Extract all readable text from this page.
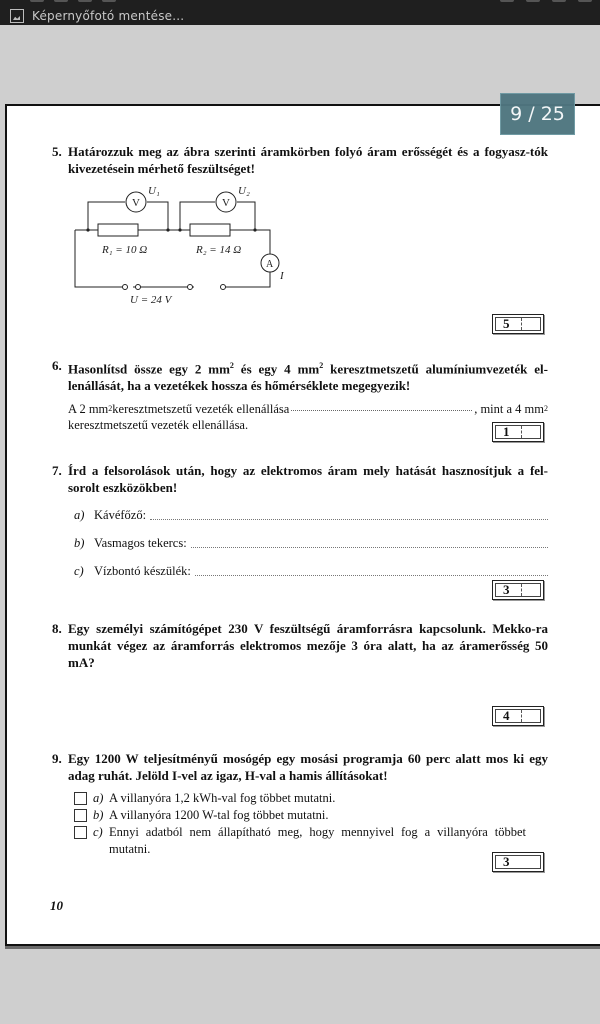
Képernyőfotó mentése...
9 / 25
5. Határozzuk meg az ábra szerinti áramkörben folyó áram erősségét és a fogyasz-tók kivezetésein mérhető feszültséget!
V
U₁
V
U₂
R₁ = 10 Ω	R₂ = 14 Ω
A
I
U = 24 V
5
6. Hasonlítsd össze egy 2 $mm^2$ és egy 4 $mm^2$ keresztmetszetű alumíniumvezeték el-lenállását, ha a vezetékek hossza és hőmérséklete megegyezik!
A 2 mm 2 keresztmetszetű vezeték ellenállása	, mint a 4 mm 2
keresztmetszetű vezeték ellenállása.	1
7. Írd a felsorolások után, hogy az elektromos áram mely hatását hasznosítjuk a fel-sorolt eszközökben!
a) Kávéfőző:
b) Vasmagos tekercs:
c) Vízbontó készülék:
3
8. Egy személyi számítógépet 230 V feszültségű áramforrásra kapcsolunk. Mekko-ra munkát végez az áramforrás elektromos mezője 3 óra alatt, ha az áramerősség 50 mA?
4
9. Egy 1200 W teljesítményű mosógép egy mosási programja 60 perc alatt mos ki egy adag ruhát. Jelöld I-vel az igaz, H-val a hamis állításokat!
a) A villanyóra 1,2 kWh-val fog többet mutatni.
b) A villanyóra 1200 W-tal fog többet mutatni.
c) Ennyi adatból nem állapítható meg, hogy mennyivel fog a villanyóra többet mutatni.
3
10
